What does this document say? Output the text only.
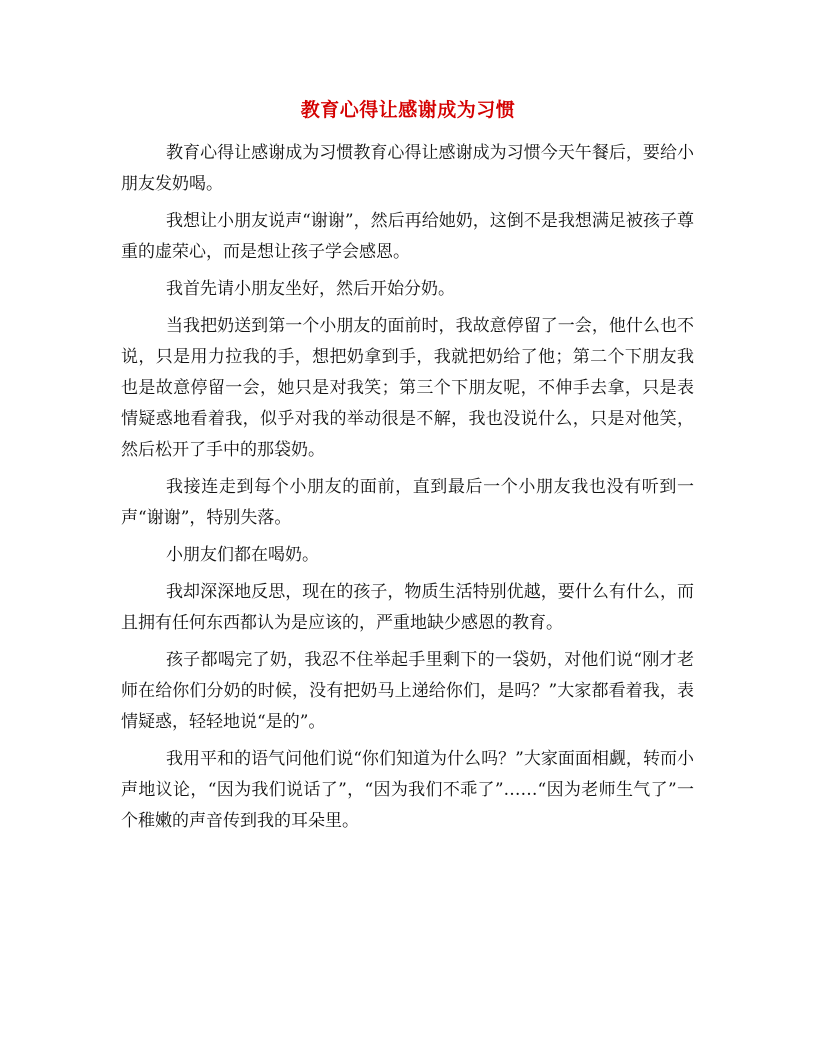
教育心得让感谢成为习惯

教育心得让感谢成为习惯教育心得让感谢成为习惯今天午餐后，要给小朋友发奶喝。

我想让小朋友说声“谢谢”，然后再给她奶，这倒不是我想满足被孩子尊重的虚荣心，而是想让孩子学会感恩。

我首先请小朋友坐好，然后开始分奶。

当我把奶送到第一个小朋友的面前时，我故意停留了一会，他什么也不说，只是用力拉我的手，想把奶拿到手，我就把奶给了他；第二个下朋友我也是故意停留一会，她只是对我笑；第三个下朋友呢，不伸手去拿，只是表情疑惑地看着我，似乎对我的举动很是不解，我也没说什么，只是对他笑，然后松开了手中的那袋奶。

我接连走到每个小朋友的面前，直到最后一个小朋友我也没有听到一声“谢谢”，特别失落。

小朋友们都在喝奶。

我却深深地反思，现在的孩子，物质生活特别优越，要什么有什么，而且拥有任何东西都认为是应该的，严重地缺少感恩的教育。

孩子都喝完了奶，我忍不住举起手里剩下的一袋奶，对他们说“刚才老师在给你们分奶的时候，没有把奶马上递给你们，是吗？”大家都看着我，表情疑惑，轻轻地说“是的”。

我用平和的语气问他们说“你们知道为什么吗？”大家面面相觑，转而小声地议论，“因为我们说话了”，“因为我们不乖了”……“因为老师生气了”一个稚嫩的声音传到我的耳朵里。
